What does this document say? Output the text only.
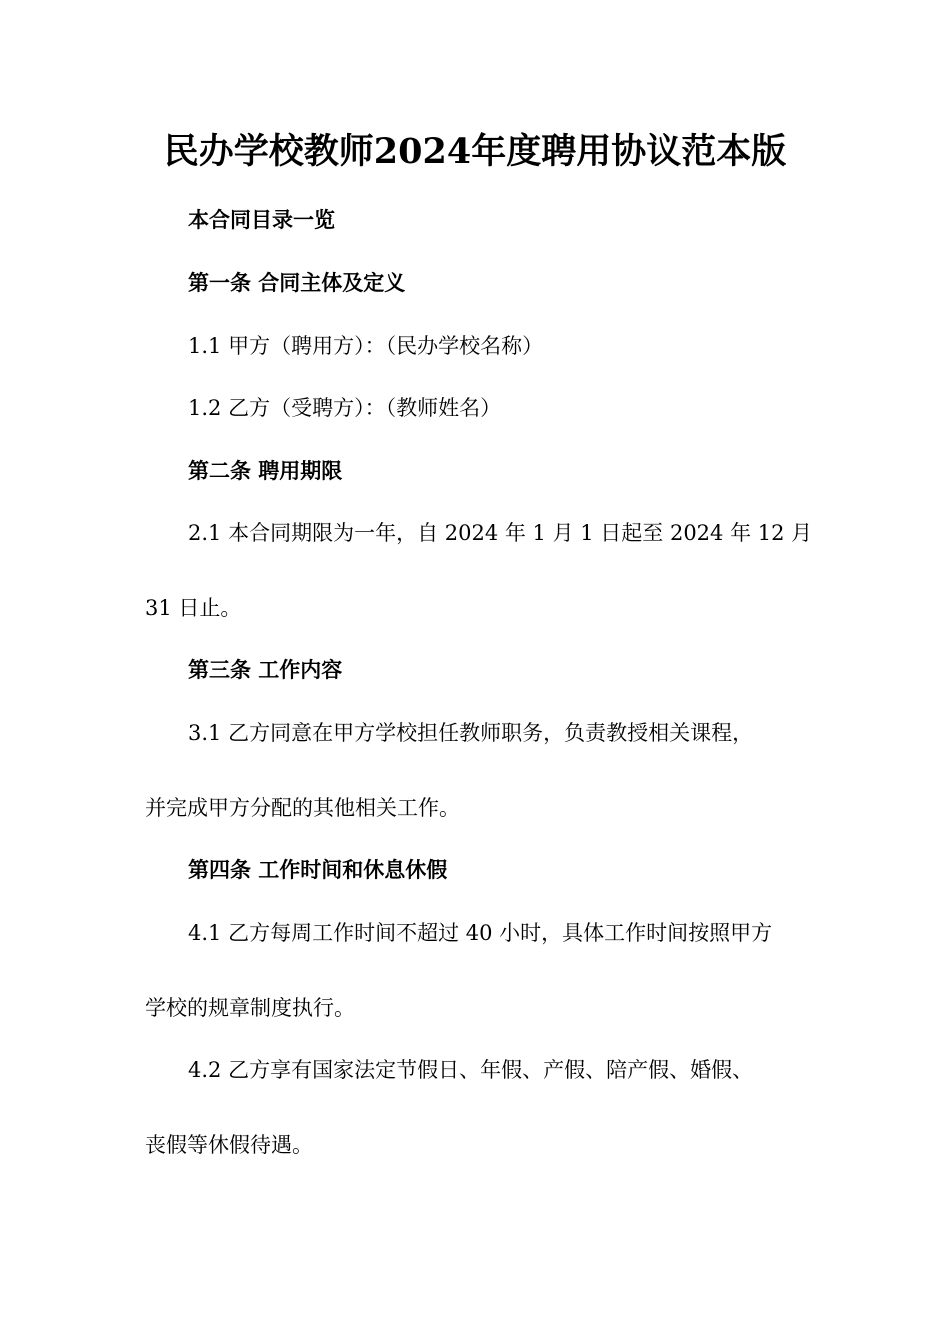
民办学校教师2024年度聘用协议范本版
本合同目录一览
第一条 合同主体及定义
1.1 甲方（聘用方）：（民办学校名称）
1.2 乙方（受聘方）：（教师姓名）
第二条 聘用期限
2.1 本合同期限为一年，自 2024 年 1 月 1 日起至 2024 年 12 月
31 日止。
第三条 工作内容
3.1 乙方同意在甲方学校担任教师职务，负责教授相关课程，
并完成甲方分配的其他相关工作。
第四条 工作时间和休息休假
4.1 乙方每周工作时间不超过 40 小时，具体工作时间按照甲方
学校的规章制度执行。
4.2 乙方享有国家法定节假日、年假、产假、陪产假、婚假、
丧假等休假待遇。
